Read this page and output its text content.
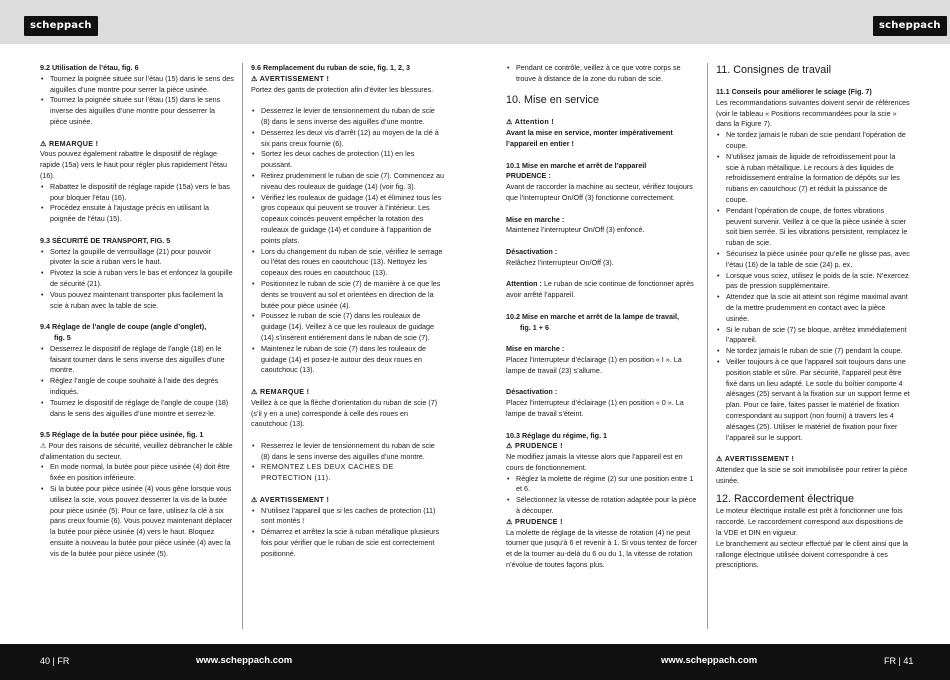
scheppach	scheppach

9.2 Utilisation de l’étau, fig. 6

• Tournez la poignée située sur l’étau (15) dans le sens des aiguilles d’une montre pour serrer la pièce usinée.
• Tournez la poignée située sur l’étau (15) dans le sens inverse des aiguilles d’une montre pour desserrer la pièce usinée.

⚠ REMARQUE !

Vous pouvez également rabattre le dispositif de réglage rapide (15a) vers le haut pour régler plus rapidement l’étau (16).

• Rabattez le dispositif de réglage rapide (15a) vers le bas pour bloquer l’étau (16).
• Procédez ensuite à l’ajustage précis en utilisant la poignée de l’étau (15).

9.3 SÉCURITÉ DE TRANSPORT, FIG. 5

• Sortez la goupille de verrouillage (21) pour pouvoir pivoter la scie à ruban vers le haut.
• Pivotez la scie à ruban vers le bas et enfoncez la goupille de sécurité (21).
• Vous pouvez maintenant transporter plus facilement la scie à ruban avec la table de scie.

9.4 Réglage de l’angle de coupe (angle d’onglet),

fig. 5

• Desserrez le dispositif de réglage de l’angle (18) en le faisant tourner dans le sens inverse des aiguilles d’une montre.
• Réglez l’angle de coupe souhaité à l’aide des degrés indiqués.
• Tournez le dispositif de réglage de l’angle de coupe (18) dans le sens des aiguilles d’une montre et serrez-le.

9.5 Réglage de la butée pour pièce usinée, fig. 1

⚠ Pour des raisons de sécurité, veuillez débrancher le câble d’alimentation du secteur.

• En mode normal, la butée pour pièce usinée (4) doit être fixée en position inférieure.
• Si la butée pour pièce usinée (4) vous gêne lorsque vous utilisez la scie, vous pouvez desserrer la vis de la butée pour pièce usinée (5). Pour ce faire, utilisez la clé à six pans creux fournie (6). Vous pouvez maintenant déplacer la butée pour pièce usinée (4) vers le haut. Bloquez ensuite à nouveau la butée pour pièce usinée (4) avec la vis de la butée pour pièce usinée (5).

9.6 Remplacement du ruban de scie, fig. 1, 2, 3

⚠ AVERTISSEMENT !

Portez des gants de protection afin d’éviter les blessures.

• Desserrez le levier de tensionnement du ruban de scie (8) dans le sens inverse des aiguilles d’une montre.
• Desserrez les deux vis d’arrêt (12) au moyen de la clé à six pans creux fournie (6).
• Sortez les deux caches de protection (11) en les poussant.
• Retirez prudemment le ruban de scie (7). Commencez au niveau des rouleaux de guidage (14) (voir fig. 3).
• Vérifiez les rouleaux de guidage (14) et éliminez tous les gros copeaux qui peuvent se trouver à l’intérieur. Les copeaux coincés peuvent empêcher la rotation des rouleaux de guidage (14) et conduire à l’apparition de points plats.
• Lors du changement du ruban de scie, vérifiez le serrage ou l’état des roues en caoutchouc (13). Nettoyez les copeaux des roues en caoutchouc (13).
• Positionnez le ruban de scie (7) de manière à ce que les dents se trouvent au sol et orientées en direction de la butée pour pièce usinée (4).
• Poussez le ruban de scie (7) dans les rouleaux de guidage (14). Veillez à ce que les rouleaux de guidage (14) s’insèrent entièrement dans le ruban de scie (7).
• Maintenez le ruban de scie (7) dans les rouleaux de guidage (14) et posez-le autour des deux roues en caoutchouc (13).

⚠ REMARQUE !

Veillez à ce que la flèche d’orientation du ruban de scie (7) (s’il y en a une) corresponde à celle des roues en caoutchouc (13).

• Resserrez le levier de tensionnement du ruban de scie (8) dans le sens inverse des aiguilles d’une montre.
• REMONTEZ LES DEUX CACHES DE PROTECTION (11).

⚠ AVERTISSEMENT !

• N’utilisez l’appareil que si les caches de protection (11) sont montés !
• Démarrez et arrêtez la scie à ruban métallique plusieurs fois pour vérifier que le ruban de scie est correctement positionné.
• Pendant ce contrôle, veillez à ce que votre corps se trouve à distance de la zone du ruban de scie.

10. Mise en service

⚠ Attention !

Avant la mise en service, monter impérativement l’appareil en entier !

10.1 Mise en marche et arrêt de l’appareil

PRUDENCE :

Avant de raccorder la machine au secteur, vérifiez toujours que l’interrupteur On/Off (3) fonctionne correctement.

Mise en marche :

Maintenez l’interrupteur On/Off (3) enfoncé.

Désactivation :

Relâchez l’interrupteur On/Off (3).

Attention : Le ruban de scie continue de fonctionner après avoir arrêté l’appareil.

10.2 Mise en marche et arrêt de la lampe de travail,

fig. 1 + 6

Mise en marche :

Placez l’interrupteur d’éclairage (1) en position « I ». La lampe de travail (23) s’allume.

Désactivation :

Placez l’interrupteur d’éclairage (1) en position « 0 ». La lampe de travail s’éteint.

10.3 Réglage du régime, fig. 1

⚠ PRUDENCE !

Ne modifiez jamais la vitesse alors que l’appareil est en cours de fonctionnement.

• Réglez la molette de régime (2) sur une position entre 1 et 6.
• Sélectionnez la vitesse de rotation adaptée pour la pièce à découper.

⚠ PRUDENCE !

La molette de réglage de la vitesse de rotation (4) ne peut tourner que jusqu’à 6 et revenir à 1. Si vous tentez de forcer et de la tourner au-delà du 6 ou du 1, la vitesse de rotation n’évolue de toutes façons plus.

11. Consignes de travail

11.1 Conseils pour améliorer le sciage (Fig. 7)

Les recommandations suivantes doivent servir de références (voir le tableau « Positions recommandées pour la scie » dans la Figure 7).

• Ne tordez jamais le ruban de scie pendant l’opération de coupe.
• N’utilisez jamais de liquide de refroidissement pour la scie à ruban métallique. Le recours à des liquides de refroidissement entraîne la formation de dépôts sur les rubans en caoutchouc (7) et réduit la puissance de coupe.
• Pendant l’opération de coupe, de fortes vibrations peuvent survenir. Veillez à ce que la pièce usinée à scier soit bien serrée. Si les vibrations persistent, remplacez le ruban de scie.
• Sécurisez la pièce usinée pour qu’elle ne glisse pas, avec l’étau (16) de la table de scie (24) p. ex.
• Lorsque vous sciez, utilisez le poids de la scie. N’exercez pas de pression supplémentaire.
• Attendez que la scie ait atteint son régime maximal avant de la mettre prudemment en contact avec la pièce usinée.
• Si le ruban de scie (7) se bloque, arrêtez immédiatement l’appareil.
• Ne tordez jamais le ruban de scie (7) pendant la coupe.
• Veiller toujours à ce que l’appareil soit toujours dans une position stable et sûre. Par sécurité, l’appareil peut être fixé dans un lieu adapté. Le socle du boîtier comporte 4 alésages (25) servant à la fixation sur un support ferme et plan. Pour ce faire, faites passer le matériel de fixation correspondant au support (non fourni) à travers les 4 alésages (25). Utiliser le matériel de fixation pour fixer l’appareil sur le support.

⚠ AVERTISSEMENT !

Attendez que la scie se soit immobilisée pour retirer la pièce usinée.

12. Raccordement électrique

Le moteur électrique installé est prêt à fonctionner une fois raccordé. Le raccordement correspond aux dispositions de la VDE et DIN en vigueur.

Le branchement au secteur effectué par le client ainsi que la rallonge électrique utilisée doivent correspondre à ces prescriptions.

40 | FR	www.scheppach.com	www.scheppach.com	FR | 41
